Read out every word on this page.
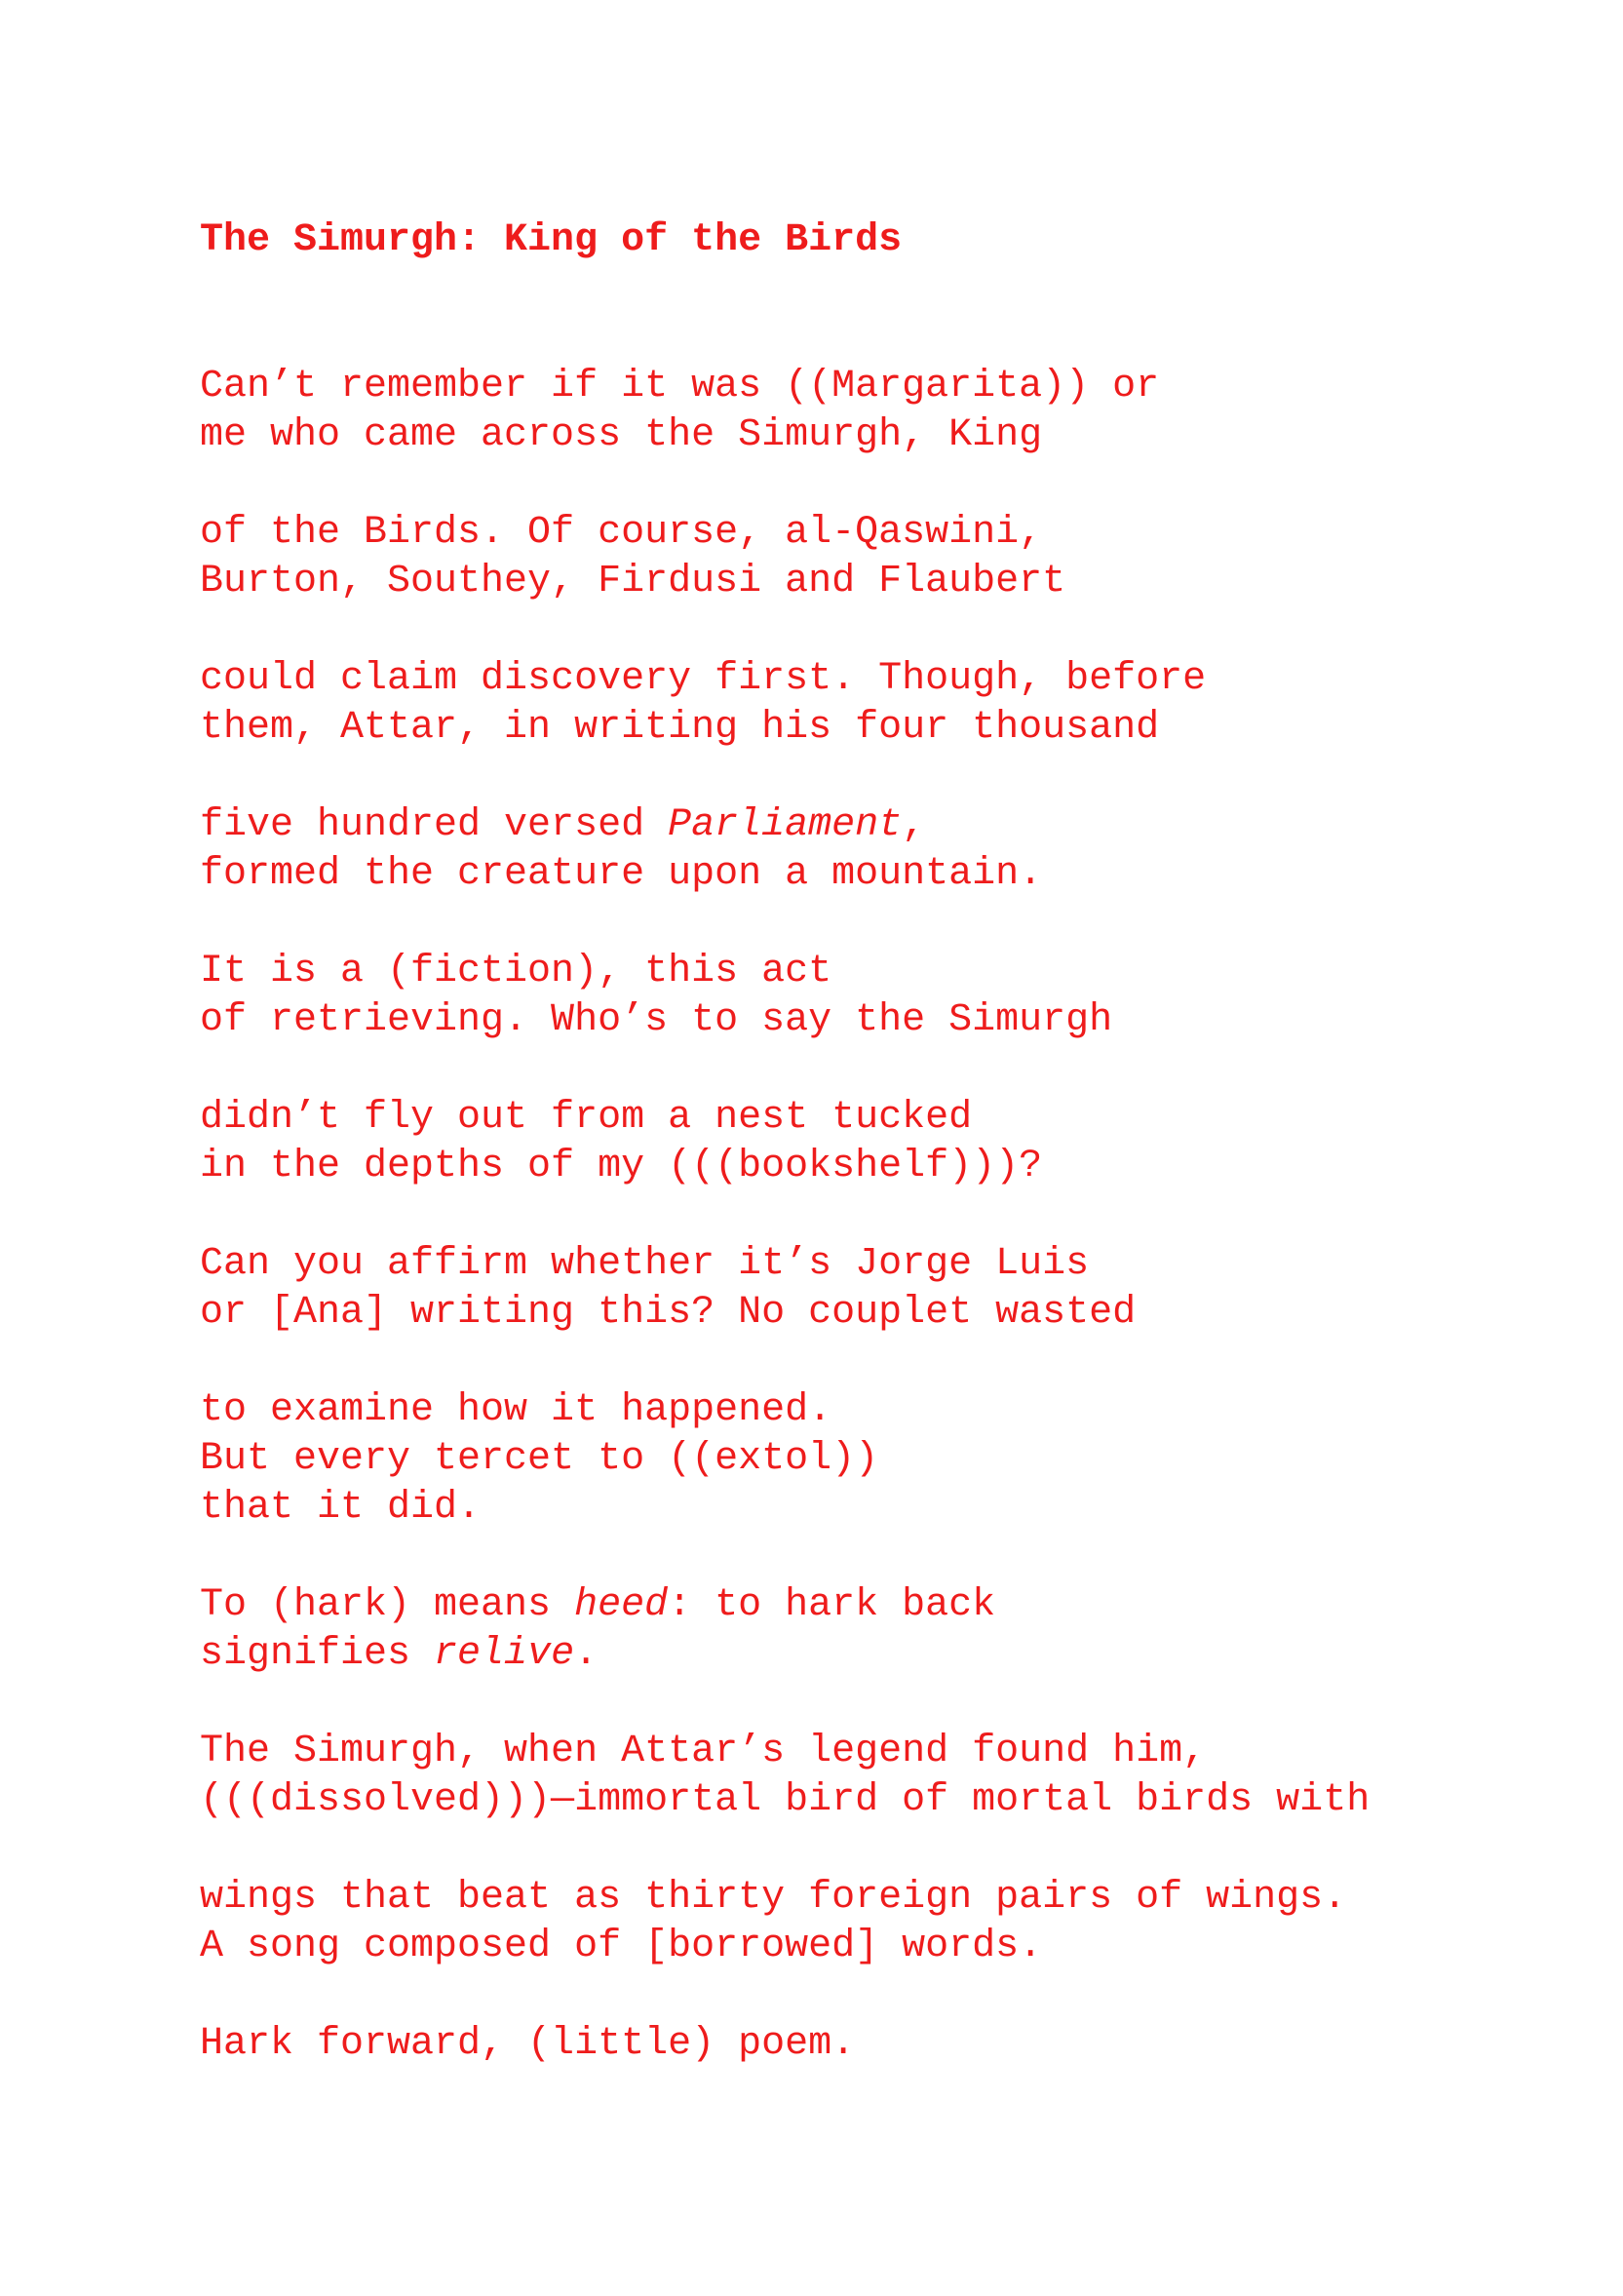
The Simurgh: King of the Birds
Can’t remember if it was ((Margarita)) or
me who came across the Simurgh, King
of the Birds. Of course, al-Qaswini,
Burton, Southey, Firdusi and Flaubert
could claim discovery first. Though, before
them, Attar, in writing his four thousand
five hundred versed Parliament,
formed the creature upon a mountain.
It is a (fiction), this act
of retrieving. Who’s to say the Simurgh
didn’t fly out from a nest tucked
in the depths of my (((bookshelf)))?
Can you affirm whether it’s Jorge Luis
or [Ana] writing this? No couplet wasted
to examine how it happened.
But every tercet to ((extol))
that it did.
To (hark) means heed: to hark back
signifies relive.
The Simurgh, when Attar’s legend found him,
(((dissolved)))—immortal bird of mortal birds with
wings that beat as thirty foreign pairs of wings.
A song composed of [borrowed] words.
Hark forward, (little) poem.
